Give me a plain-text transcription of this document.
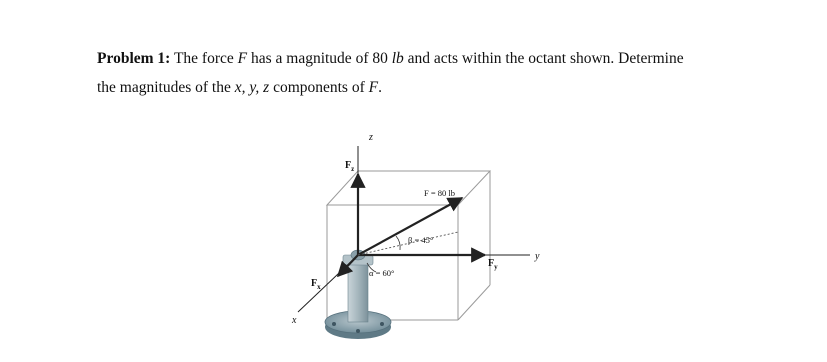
Problem 1: The force F has a magnitude of 80 lb and acts within the octant shown. Determine
the magnitudes of the x, y, z components of F.

z
x
y
$F_z$
$F_y$
$F_x$
F = 80 lb
β = 45°
α = 60°
